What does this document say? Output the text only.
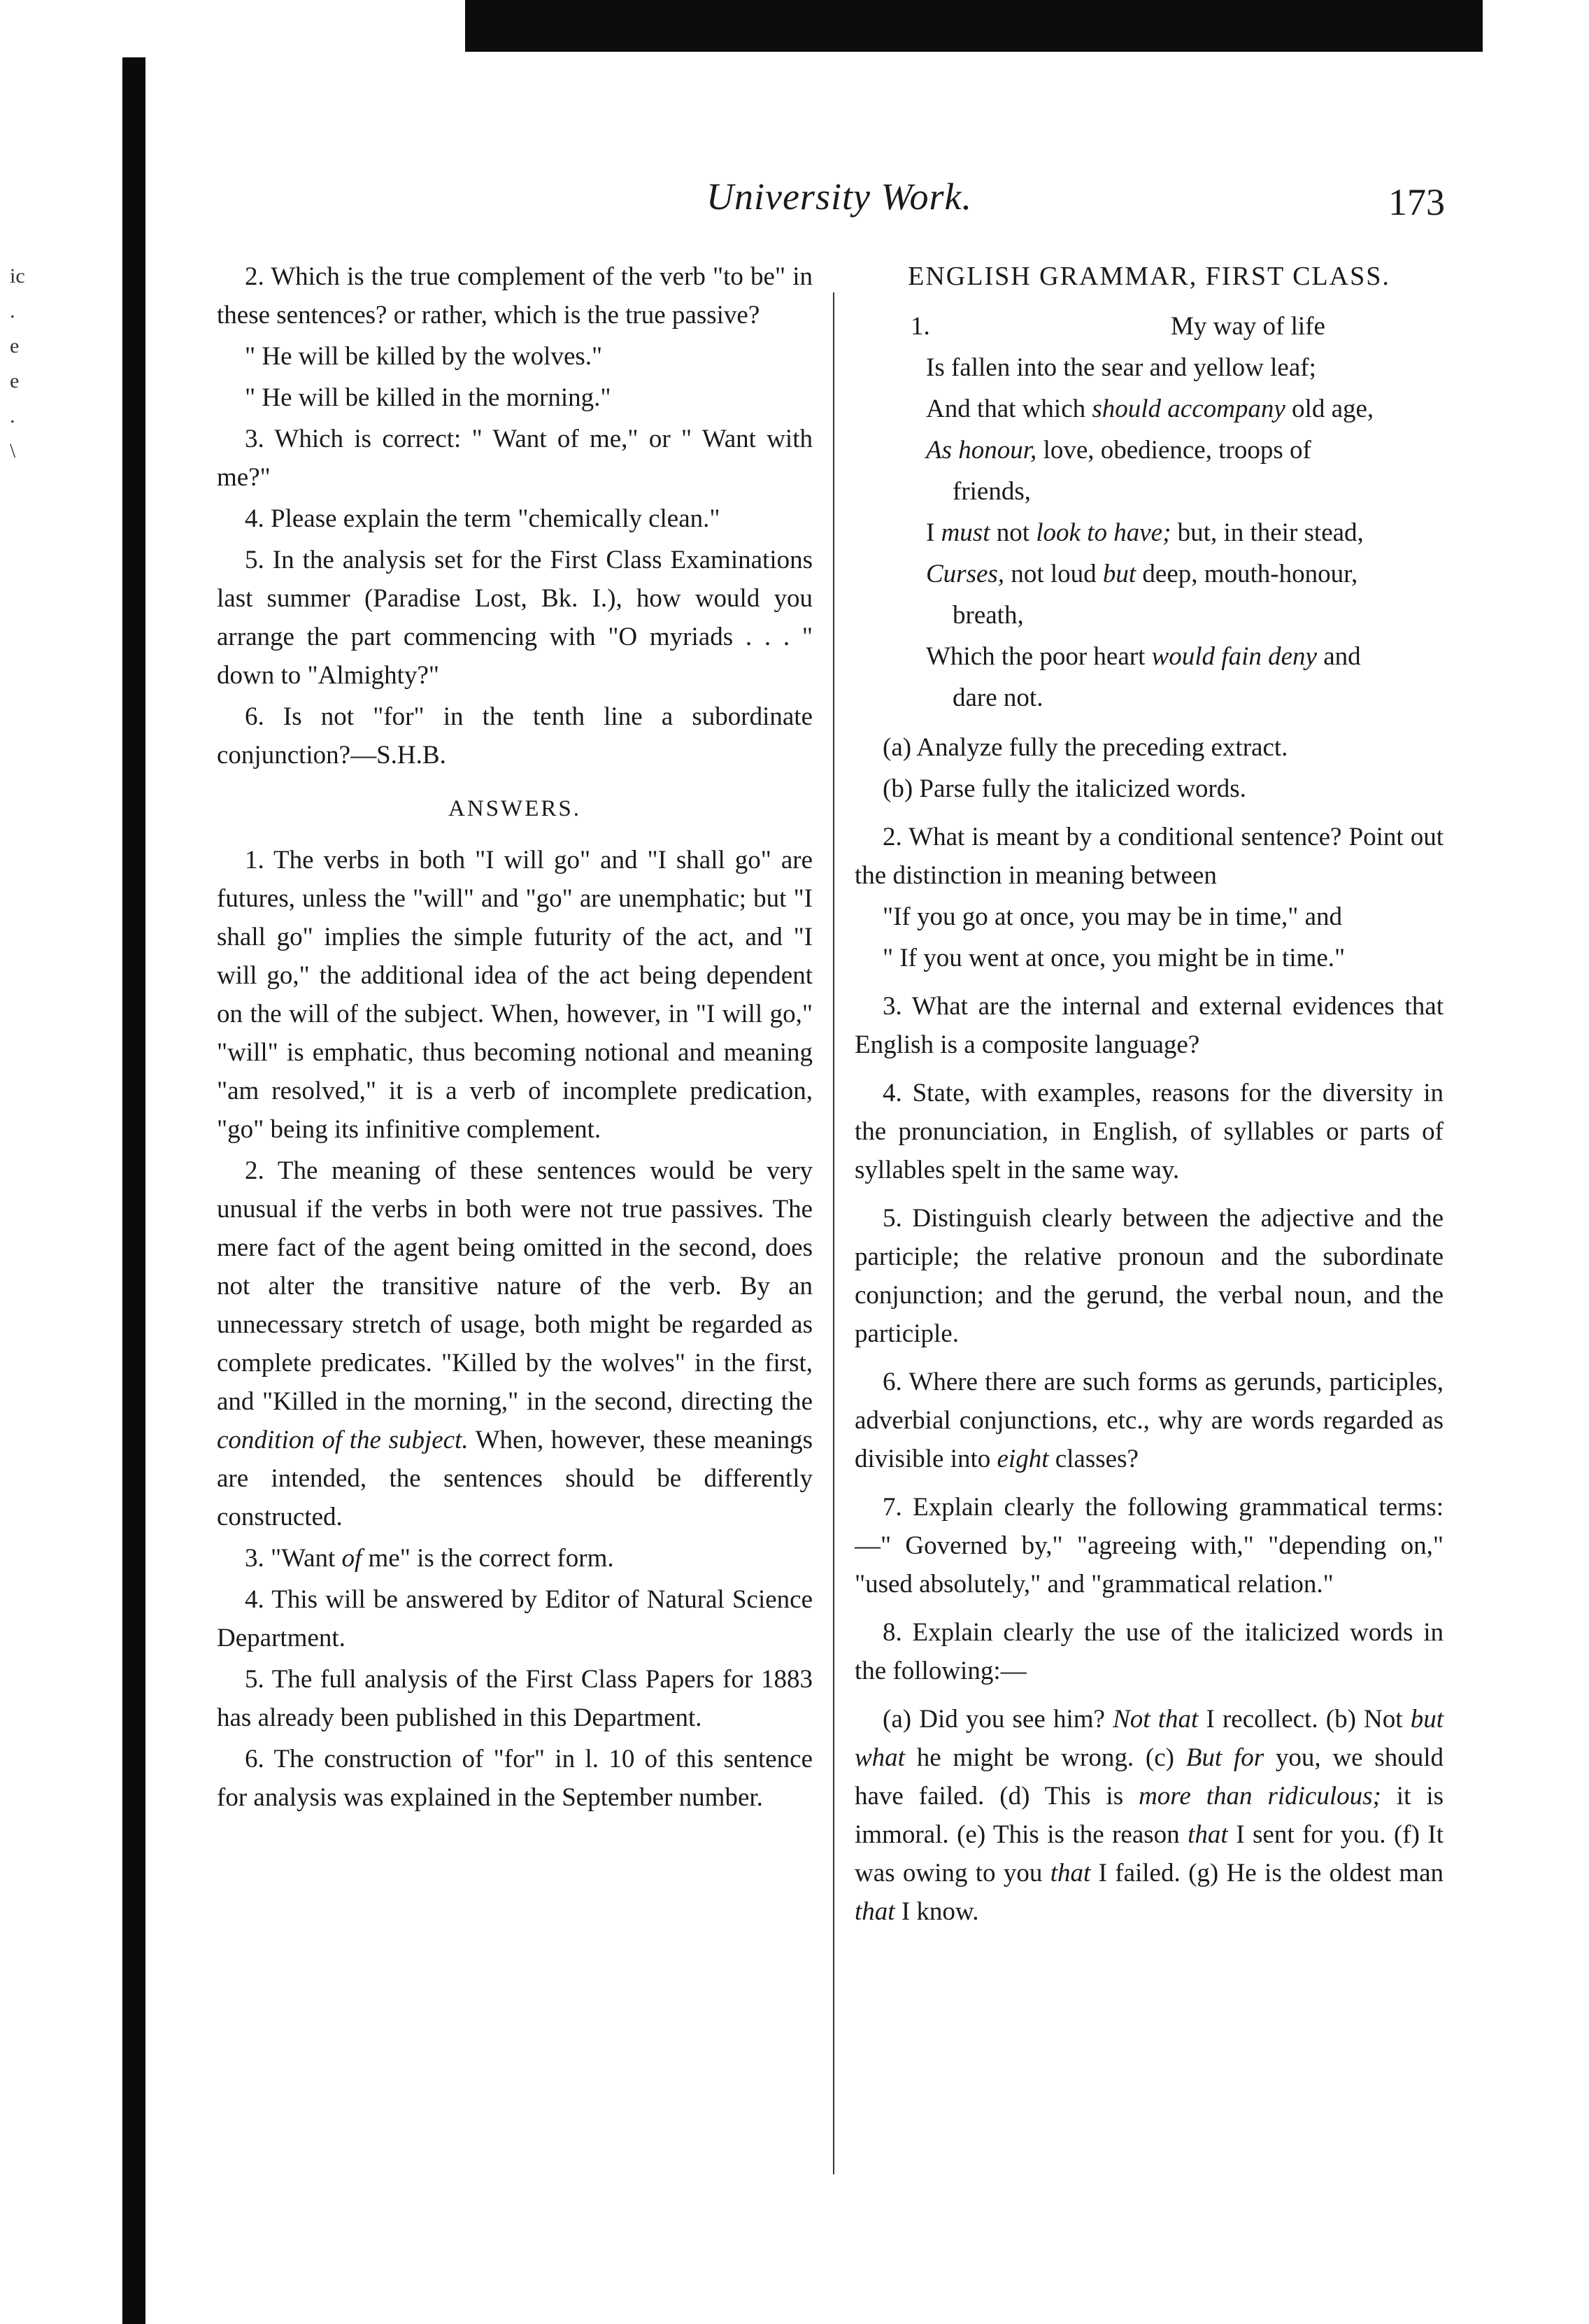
ic
.
e
e
.
\
University Work.	173

2. Which is the true complement of the verb "to be" in these sentences? or rather, which is the true passive?

" He will be killed by the wolves."

" He will be killed in the morning."

3. Which is correct: " Want of me," or " Want with me?"

4. Please explain the term "chemically clean."

5. In the analysis set for the First Class Examinations last summer (Paradise Lost, Bk. I.), how would you arrange the part commencing with "O myriads . . . " down to "Almighty?"

6. Is not "for" in the tenth line a subordinate conjunction?—S.H.B.

ANSWERS.

1. The verbs in both "I will go" and "I shall go" are futures, unless the "will" and "go" are unemphatic; but "I shall go" implies the simple futurity of the act, and "I will go," the additional idea of the act being dependent on the will of the subject. When, however, in "I will go," "will" is emphatic, thus becoming notional and meaning "am resolved," it is a verb of incomplete predication, "go" being its infinitive complement.

2. The meaning of these sentences would be very unusual if the verbs in both were not true passives. The mere fact of the agent being omitted in the second, does not alter the transitive nature of the verb. By an unnecessary stretch of usage, both might be regarded as complete predicates. "Killed by the wolves" in the first, and "Killed in the morning," in the second, directing the condition of the subject. When, however, these meanings are intended, the sentences should be differently constructed.

3. "Want of me" is the correct form.

4. This will be answered by Editor of Natural Science Department.

5. The full analysis of the First Class Papers for 1883 has already been published in this Department.

6. The construction of "for" in l. 10 of this sentence for analysis was explained in the September number.

ENGLISH GRAMMAR, FIRST CLASS.

1.	My way of life

Is fallen into the sear and yellow leaf;

And that which should accompany old age,

As honour, love, obedience, troops of

friends,

I must not look to have; but, in their stead,

Curses, not loud but deep, mouth-honour,

breath,

Which the poor heart would fain deny and

dare not.

(a) Analyze fully the preceding extract.

(b) Parse fully the italicized words.

2. What is meant by a conditional sentence? Point out the distinction in meaning between

"If you go at once, you may be in time," and

" If you went at once, you might be in time."

3. What are the internal and external evidences that English is a composite language?

4. State, with examples, reasons for the diversity in the pronunciation, in English, of syllables or parts of syllables spelt in the same way.

5. Distinguish clearly between the adjective and the participle; the relative pronoun and the subordinate conjunction; and the gerund, the verbal noun, and the participle.

6. Where there are such forms as gerunds, participles, adverbial conjunctions, etc., why are words regarded as divisible into eight classes?

7. Explain clearly the following grammatical terms:—" Governed by," "agreeing with," "depending on," "used absolutely," and "grammatical relation."

8. Explain clearly the use of the italicized words in the following:—

(a) Did you see him? Not that I recollect. (b) Not but what he might be wrong. (c) But for you, we should have failed. (d) This is more than ridiculous; it is immoral. (e) This is the reason that I sent for you. (f) It was owing to you that I failed. (g) He is the oldest man that I know.
